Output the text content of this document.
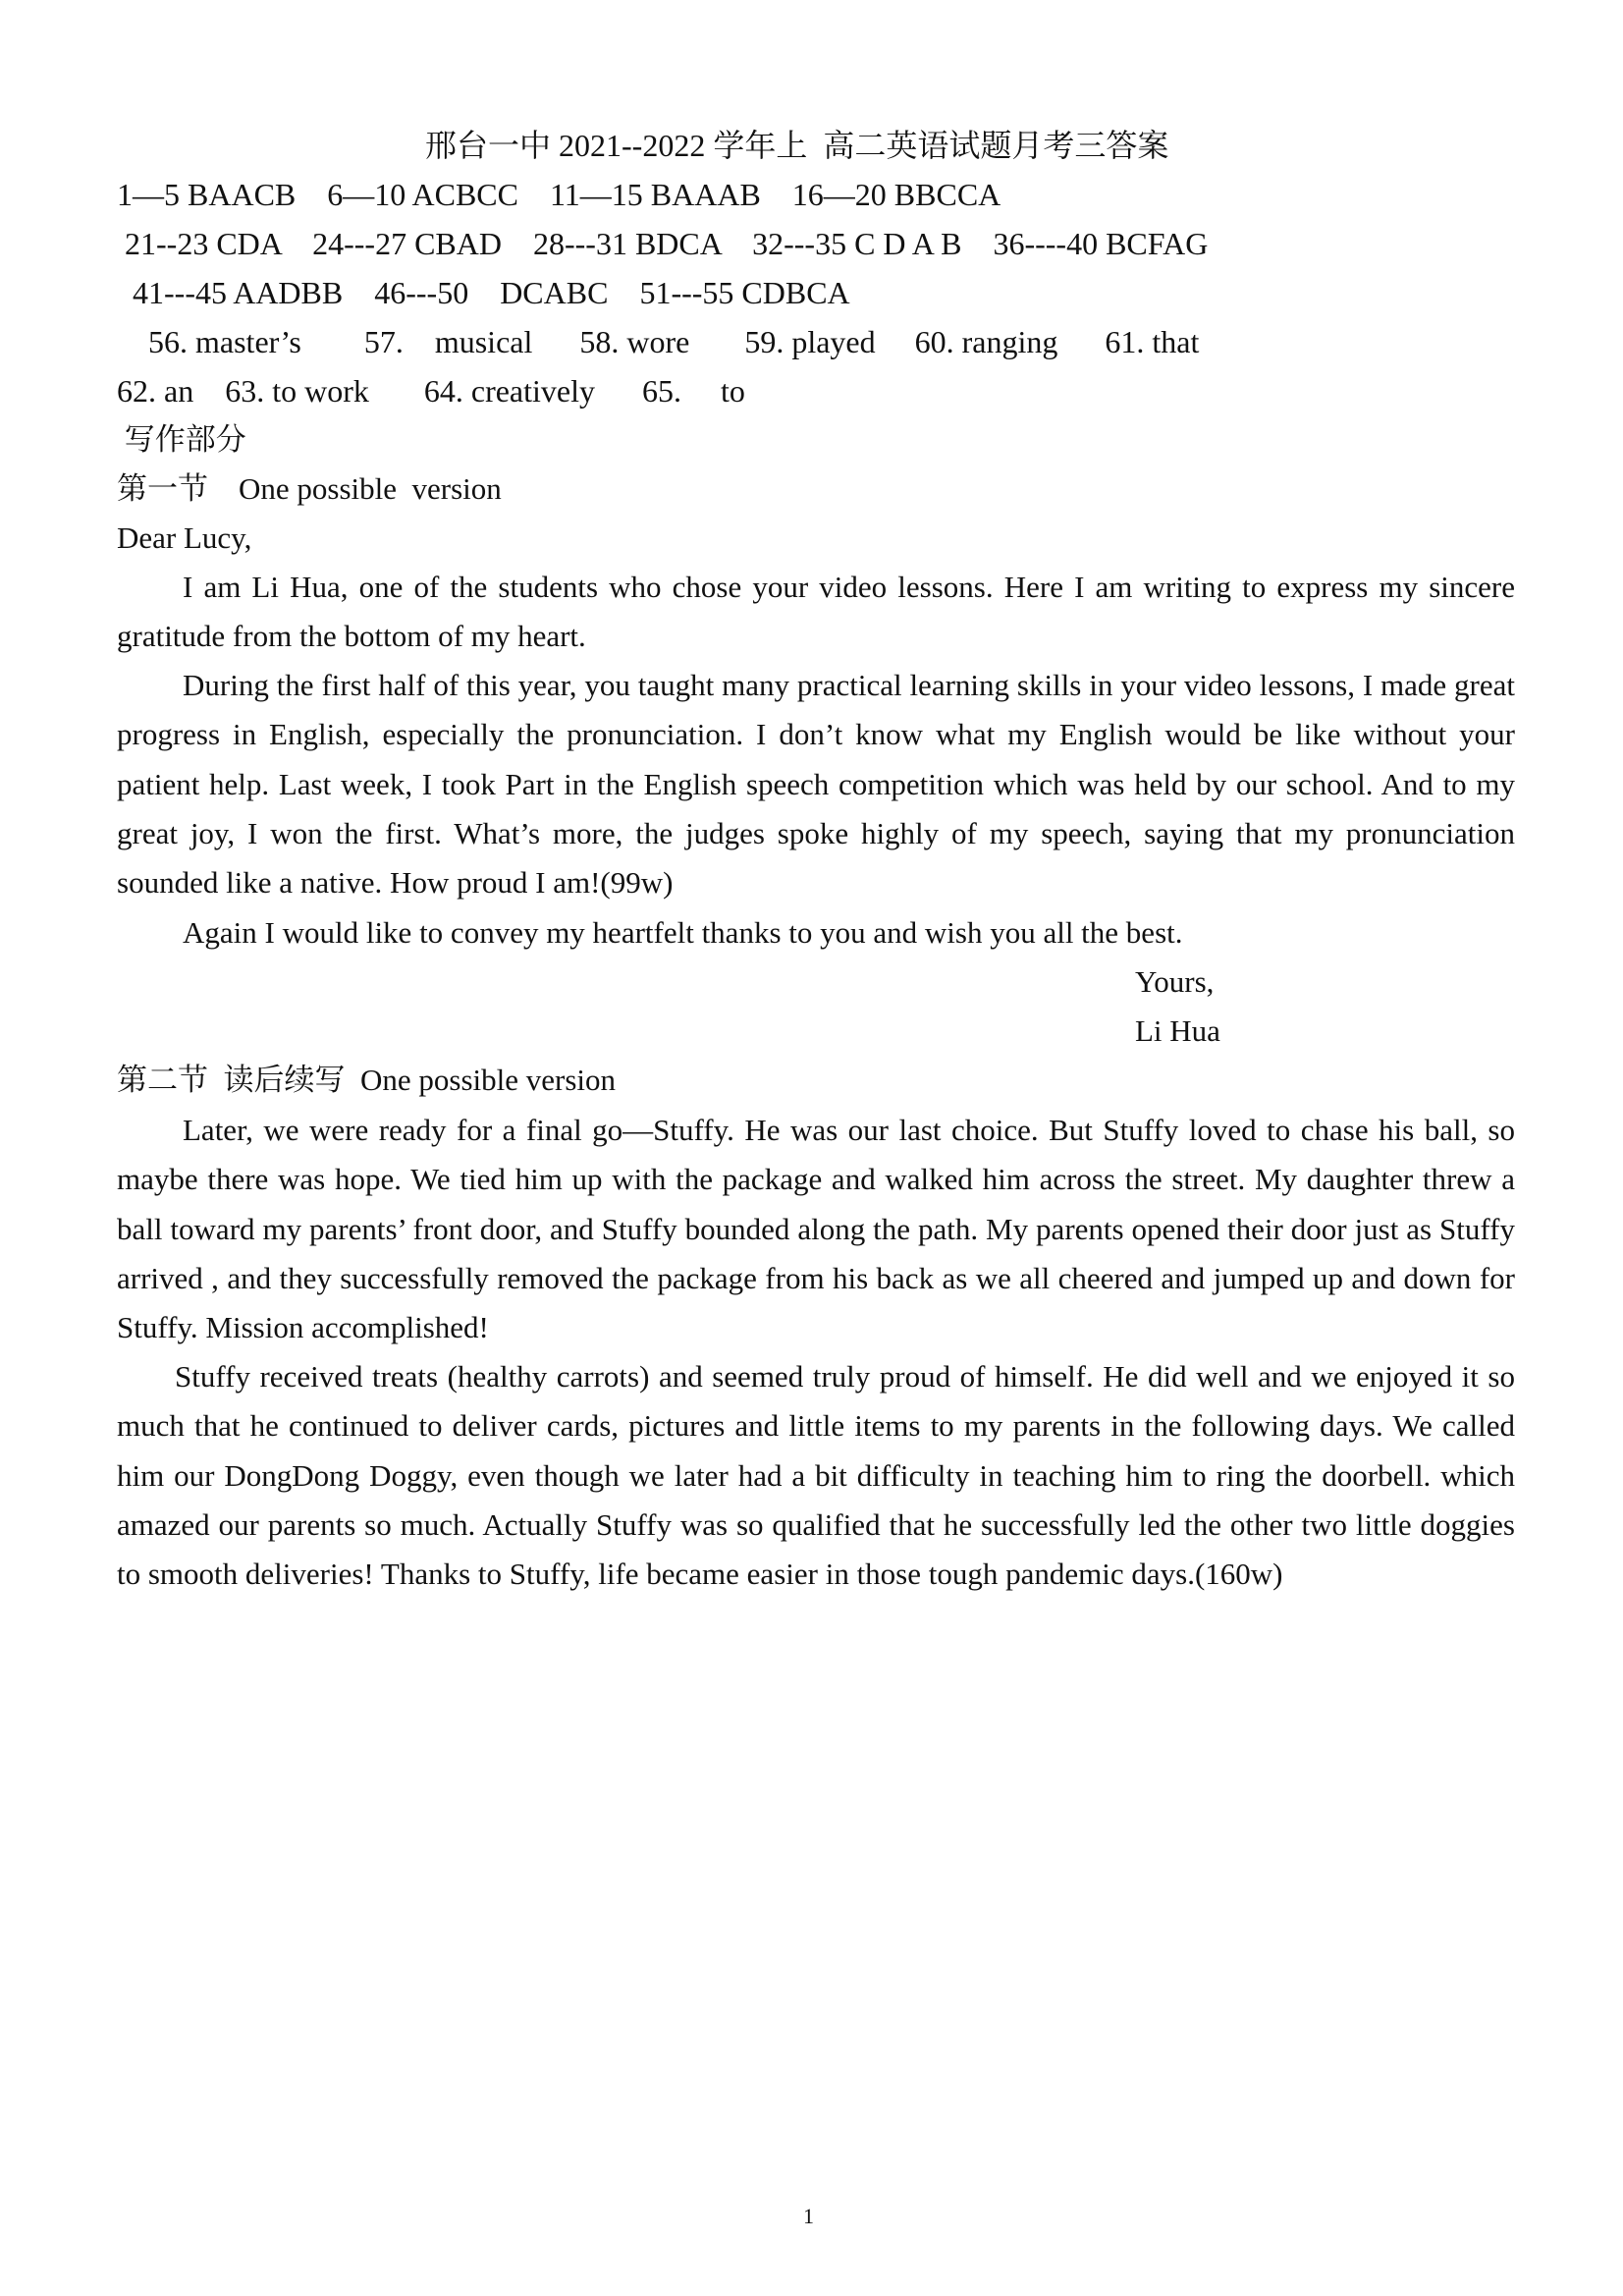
邢台一中 2021--2022 学年上  高二英语试题月考三答案
1—5 BAACB    6—10 ACBCC    11—15 BAAAB    16—20 BBCCA
21--23 CDA    24---27 CBAD    28---31 BDCA    32---35 C D A B    36----40 BCFAG
41---45 AADBB    46---50    DCABC    51---55 CDBCA
56. master’s        57.    musical      58. wore       59. played     60. ranging      61. that
62. an    63. to work       64. creatively      65.     to
写作部分
第一节    One possible  version
Dear Lucy,
I am Li Hua, one of the students who chose your video lessons. Here I am writing to express my sincere gratitude from the bottom of my heart.
During the first half of this year, you taught many practical learning skills in your video lessons, I made great progress in English, especially the pronunciation. I don’t know what my English would be like without your patient help. Last week, I took Part in the English speech competition which was held by our school. And to my great joy, I won the first. What’s more, the judges spoke highly of my speech, saying that my pronunciation sounded like a native. How proud I am!(99w)
Again I would like to convey my heartfelt thanks to you and wish you all the best.
Yours,
Li Hua
第二节  读后续写  One possible version
Later, we were ready for a final go—Stuffy. He was our last choice. But Stuffy loved to chase his ball, so maybe there was hope. We tied him up with the package and walked him across the street. My daughter threw a ball toward my parents’ front door, and Stuffy bounded along the path. My parents opened their door just as Stuffy arrived , and they successfully removed the package from his back as we all cheered and jumped up and down for Stuffy. Mission accomplished!
Stuffy received treats (healthy carrots) and seemed truly proud of himself. He did well and we enjoyed it so much that he continued to deliver cards, pictures and little items to my parents in the following days. We called him our DongDong Doggy, even though we later had a bit difficulty in teaching him to ring the doorbell. which amazed our parents so much. Actually Stuffy was so qualified that he successfully led the other two little doggies to smooth deliveries! Thanks to Stuffy, life became easier in those tough pandemic days.(160w)
1
